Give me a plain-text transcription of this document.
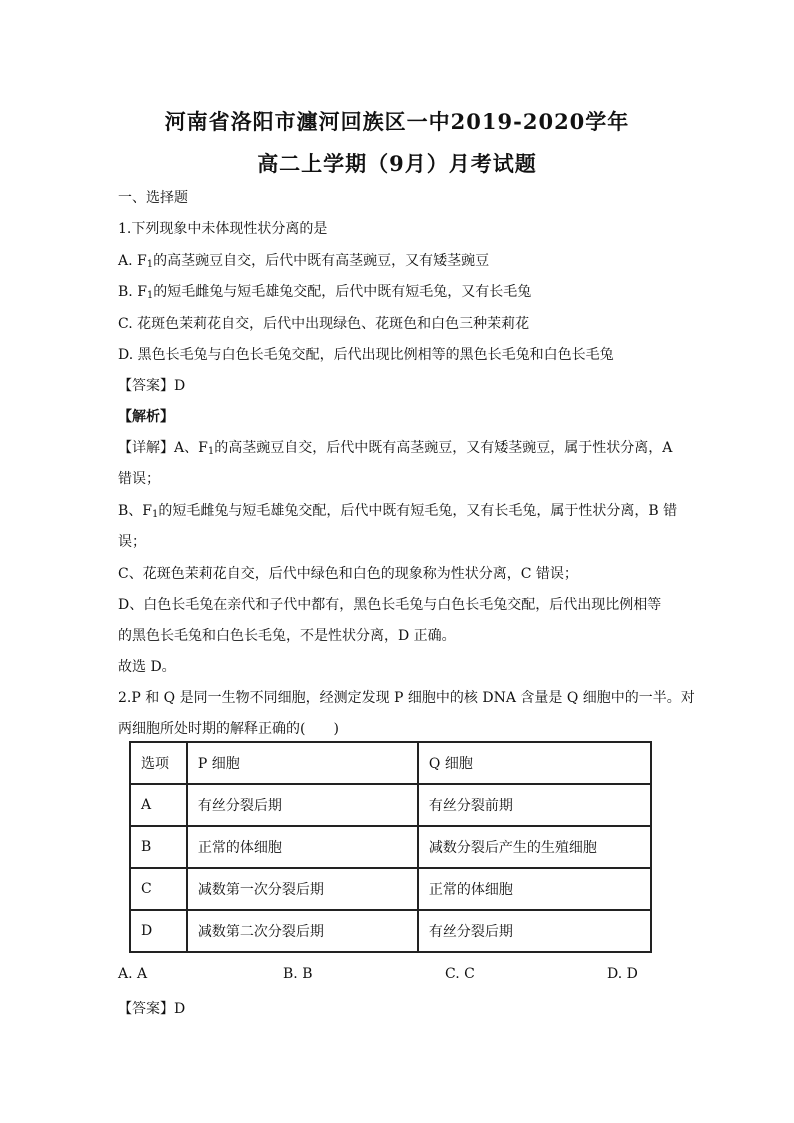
河南省洛阳市瀍河回族区一中2019-2020学年
高二上学期（9月）月考试题
一、选择题
1.下列现象中未体现性状分离的是
A. $F_1$的高茎豌豆自交，后代中既有高茎豌豆，又有矮茎豌豆
B. $F_1$的短毛雌兔与短毛雄兔交配，后代中既有短毛兔，又有长毛兔
C. 花斑色茉莉花自交，后代中出现绿色、花斑色和白色三种茉莉花
D. 黑色长毛兔与白色长毛兔交配，后代出现比例相等的黑色长毛兔和白色长毛兔
【答案】D
【解析】
【详解】A、$F_1$的高茎豌豆自交，后代中既有高茎豌豆，又有矮茎豌豆，属于性状分离，A
错误；
B、$F_1$的短毛雌兔与短毛雄兔交配，后代中既有短毛兔，又有长毛兔，属于性状分离，B 错
误；
C、花斑色茉莉花自交，后代中绿色和白色的现象称为性状分离，C 错误；
D、白色长毛兔在亲代和子代中都有，黑色长毛兔与白色长毛兔交配，后代出现比例相等
的黑色长毛兔和白色长毛兔，不是性状分离，D 正确。
故选 D。
2.P 和 Q 是同一生物不同细胞，经测定发现 P 细胞中的核 DNA 含量是 Q 细胞中的一半。对
两细胞所处时期的解释正确的(　　)
选项	P 细胞	Q 细胞
A	有丝分裂后期	有丝分裂前期
B	正常的体细胞	减数分裂后产生的生殖细胞
C	减数第一次分裂后期	正常的体细胞
D	减数第二次分裂后期	有丝分裂后期
A. A	B. B	C. C	D. D
【答案】D
